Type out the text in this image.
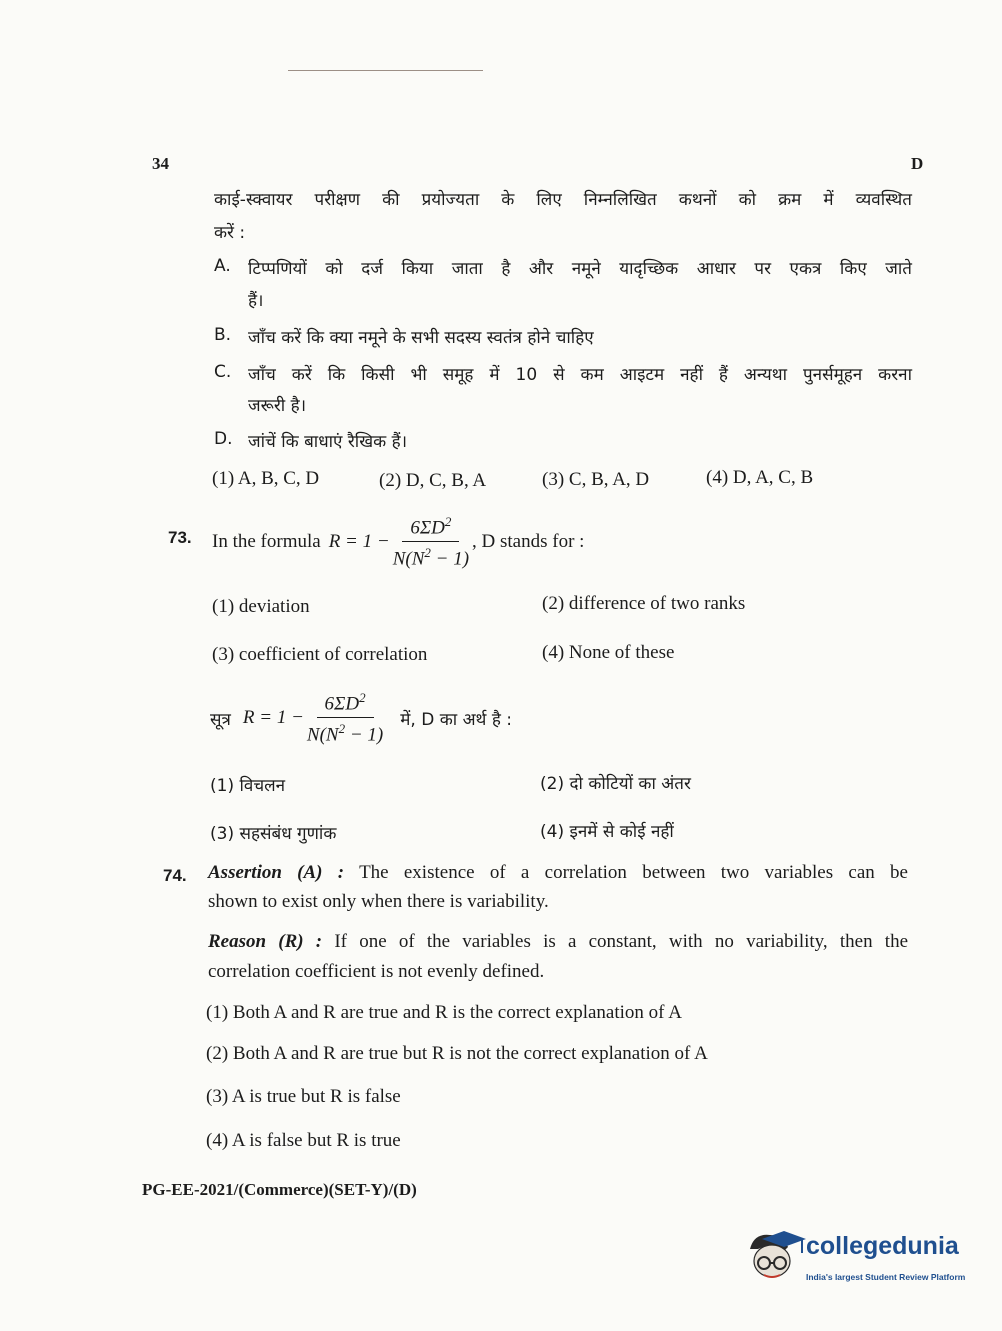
34	D
काई-स्क्वायर परीक्षण की प्रयोज्यता के लिए निम्नलिखित कथनों को क्रम में व्यवस्थित
करें :
A. टिप्पणियों को दर्ज किया जाता है और नमूने यादृच्छिक आधार पर एकत्र किए जाते
हैं।
B. जाँच करें कि क्या नमूने के सभी सदस्य स्वतंत्र होने चाहिए
C. जाँच करें कि किसी भी समूह में 10 से कम आइटम नहीं हैं अन्यथा पुनर्समूहन करना
जरूरी है।
D. जांचें कि बाधाएं रैखिक हैं।
(1) A, B, C, D	(2) D, C, B, A	(3) C, B, A, D	(4) D, A, C, B
73. In the formula $R = 1 - \frac{6\Sigma D^2}{N(N^2 - 1)}$ , D stands for :
(1) deviation	(2) difference of two ranks
(3) coefficient of correlation	(4) None of these
सूत्र $R = 1 - \frac{6\Sigma D^2}{N(N^2 - 1)}$ में, D का अर्थ है :
(1) विचलन	(2) दो कोटियों का अंतर
(3) सहसंबंध गुणांक	(4) इनमें से कोई नहीं
74. Assertion (A) : The existence of a correlation between two variables can be
shown to exist only when there is variability.
Reason (R) : If one of the variables is a constant, with no variability, then the
correlation coefficient is not evenly defined.
(1) Both A and R are true and R is the correct explanation of A
(2) Both A and R are true but R is not the correct explanation of A
(3) A is true but R is false
(4) A is false but R is true
PG-EE-2021/(Commerce)(SET-Y)/(D)
collegedunia
India's largest Student Review Platform
